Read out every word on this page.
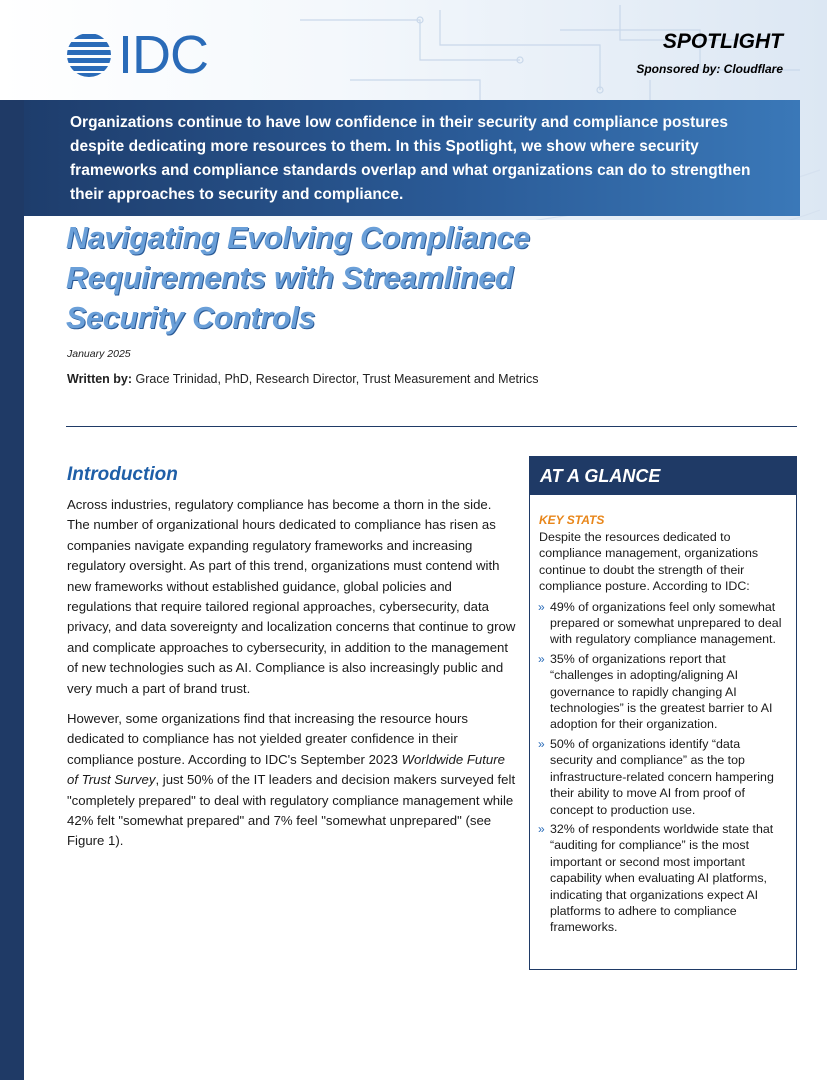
IDC	SPOTLIGHT
Sponsored by: Cloudflare
Organizations continue to have low confidence in their security and compliance postures despite dedicating more resources to them. In this Spotlight, we show where security frameworks and compliance standards overlap and what organizations can do to strengthen their approaches to security and compliance.
Navigating Evolving Compliance Requirements with Streamlined Security Controls
January 2025
Written by: Grace Trinidad, PhD, Research Director, Trust Measurement and Metrics
Introduction
Across industries, regulatory compliance has become a thorn in the side. The number of organizational hours dedicated to compliance has risen as companies navigate expanding regulatory frameworks and increasing regulatory oversight. As part of this trend, organizations must contend with new frameworks without established guidance, global policies and regulations that require tailored regional approaches, cybersecurity, data privacy, and data sovereignty and localization concerns that continue to grow and complicate approaches to cybersecurity, in addition to the management of new technologies such as AI. Compliance is also increasingly public and very much a part of brand trust.
However, some organizations find that increasing the resource hours dedicated to compliance has not yielded greater confidence in their compliance posture. According to IDC's September 2023 Worldwide Future of Trust Survey, just 50% of the IT leaders and decision makers surveyed felt "completely prepared" to deal with regulatory compliance management while 42% felt "somewhat prepared" and 7% feel "somewhat unprepared" (see Figure 1).
AT A GLANCE
KEY STATS
Despite the resources dedicated to compliance management, organizations continue to doubt the strength of their compliance posture. According to IDC:
» 49% of organizations feel only somewhat prepared or somewhat unprepared to deal with regulatory compliance management.
» 35% of organizations report that “challenges in adopting/aligning AI governance to rapidly changing AI technologies” is the greatest barrier to AI adoption for their organization.
» 50% of organizations identify “data security and compliance” as the top infrastructure-related concern hampering their ability to move AI from proof of concept to production use.
» 32% of respondents worldwide state that “auditing for compliance” is the most important or second most important capability when evaluating AI platforms, indicating that organizations expect AI platforms to adhere to compliance frameworks.
